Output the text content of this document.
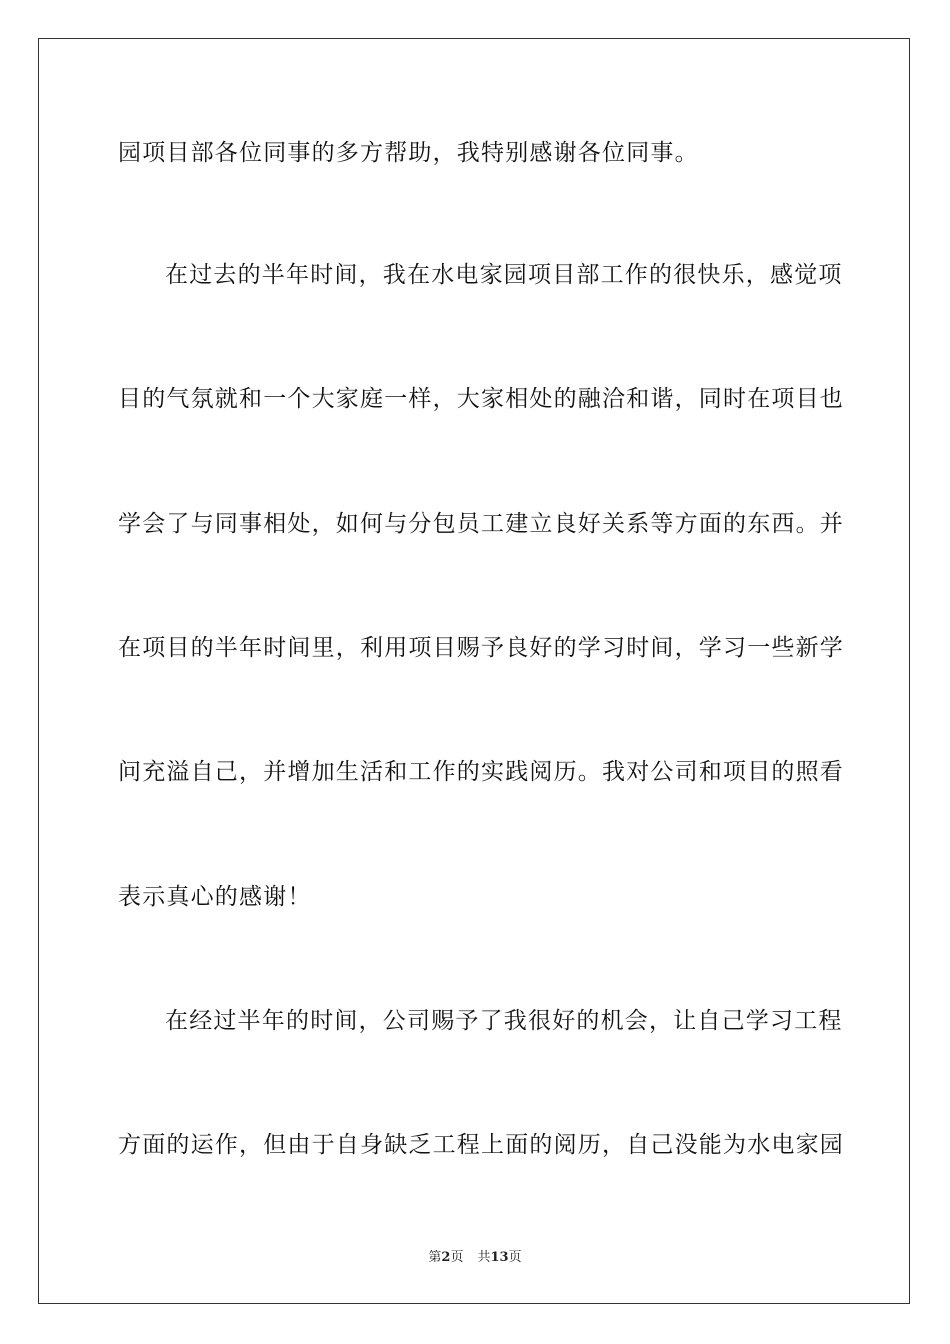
园项目部各位同事的多方帮助，我特别感谢各位同事。
在过去的半年时间，我在水电家园项目部工作的很快乐，感觉项
目的气氛就和一个大家庭一样，大家相处的融洽和谐，同时在项目也
学会了与同事相处，如何与分包员工建立良好关系等方面的东西。并
在项目的半年时间里，利用项目赐予良好的学习时间，学习一些新学
问充溢自己，并增加生活和工作的实践阅历。我对公司和项目的照看
表示真心的感谢！
在经过半年的时间，公司赐予了我很好的机会，让自己学习工程
方面的运作，但由于自身缺乏工程上面的阅历，自己没能为水电家园
第2页 共13页
